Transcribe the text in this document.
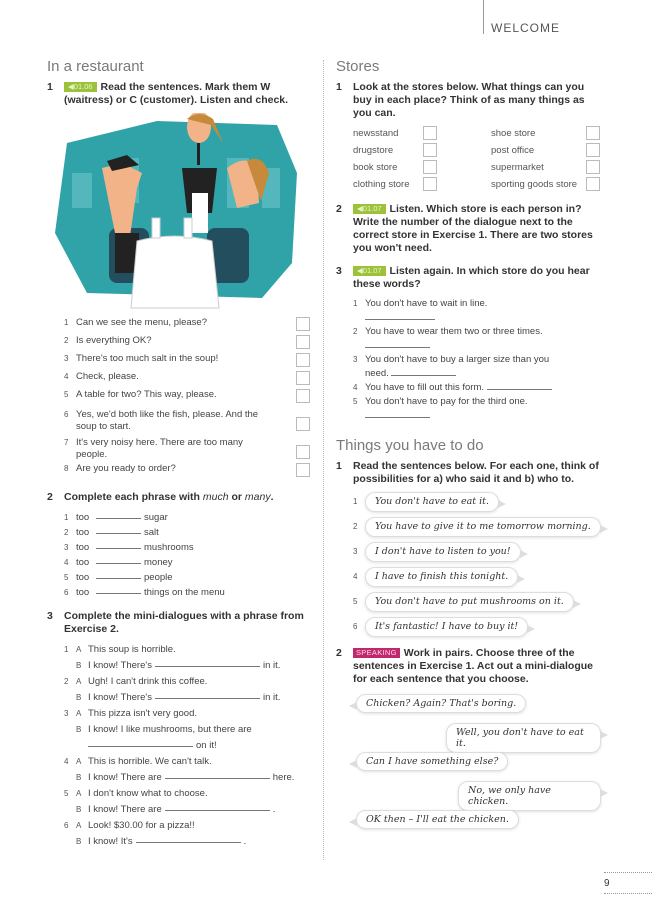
WELCOME
In a restaurant
1	◀01.06 Read the sentences. Mark them W (waitress) or C (customer). Listen and check.
1 Can we see the menu, please?
2 Is everything OK?
3 There's too much salt in the soup!
4 Check, please.
5 A table for two? This way, please.
6 Yes, we'd both like the fish, please. And the soup to start.
7 It's very noisy here. There are too many people.
8 Are you ready to order?
2	Complete each phrase with much or many.
1 too	sugar
2 too	salt
3 too	mushrooms
4 too	money
5 too	people
6 too	things on the menu
3	Complete the mini-dialogues with a phrase from Exercise 2.
1 A This soup is horrible.
B I know! There's	in it.
2 A Ugh! I can't drink this coffee.
B I know! There's	in it.
3 A This pizza isn't very good.
B I know! I like mushrooms, but there are
on it!
4 A This is horrible. We can't talk.
B I know! There are	here.
5 A I don't know what to choose.
B I know! There are	.
6 A Look! $30.00 for a pizza!!
B I know! It's	.
Stores
1	Look at the stores below. What things can you buy in each place? Think of as many things as you can.
newsstand	shoe store
drugstore	post office
book store	supermarket
clothing store	sporting goods store
2	◀01.07 Listen. Which store is each person in? Write the number of the dialogue next to the correct store in Exercise 1. There are two stores you won't need.
3	◀01.07 Listen again. In which store do you hear these words?
1 You don't have to wait in line.
2 You have to wear them two or three times.
3 You don't have to buy a larger size than you need.
4 You have to fill out this form.
5 You don't have to pay for the third one.

Things you have to do
1	Read the sentences below. For each one, think of possibilities for a) who said it and b) who to.
1	You don't have to eat it.
2	You have to give it to me tomorrow morning.
3	I don't have to listen to you!
4	I have to finish this tonight.
5	You don't have to put mushrooms on it.
6	It's fantastic! I have to buy it!
2	SPEAKING Work in pairs. Choose three of the sentences in Exercise 1. Act out a mini-dialogue for each sentence that you choose.
Chicken? Again? That's boring.
Well, you don't have to eat it.
Can I have something else?
No, we only have chicken.
OK then – I'll eat the chicken.
9
